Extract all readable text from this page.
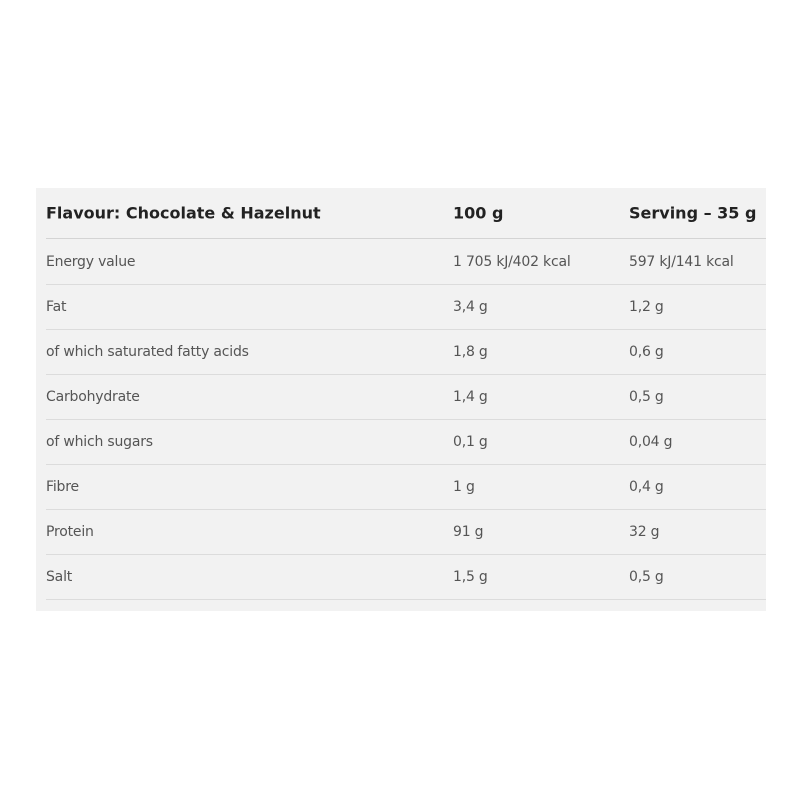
Flavour: Chocolate & Hazelnut	100 g	Serving – 35 g
Energy value	1 705 kJ/402 kcal	597 kJ/141 kcal
Fat	3,4 g	1,2 g
of which saturated fatty acids	1,8 g	0,6 g
Carbohydrate	1,4 g	0,5 g
of which sugars	0,1 g	0,04 g
Fibre	1 g	0,4 g
Protein	91 g	32 g
Salt	1,5 g	0,5 g
